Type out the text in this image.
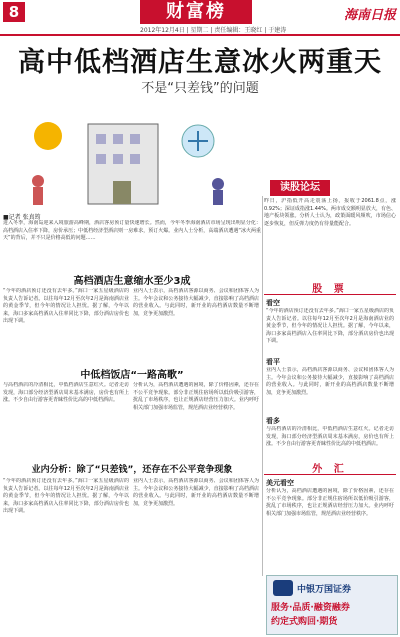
8	财富榜	海南日报
2012年12月4日 | 星期二 | 责任编辑：王晓红 | 于建涛
高中低档酒店生意冰火两重天
不是“只差钱”的问题
读股论坛
■记者 张真筠
进入冬季，海南岛迎来入境旅游高峰期，酒店客房预订量快速增长。然而，今年冬季海南酒店市场呈现出明显分化：高档酒店入住率下降，房价承压；中低档经济型酒店则一房难求，预订火爆。业内人士分析，高端酒店遭遇“冰火两重天”的背后，并不只是价格高低的问题……
昨日，沪指低开高走震荡上扬，报收于2061.8点，涨0.92%；深证成指涨1.44%。两市成交额明显放大，有色、地产板块领涨。分析人士认为，政策面暖风频吹，市场信心逐步恢复，但反弹力度仍有待量能配合。
股 票
看空
“今年的酒店预订还没有去年多。”海口一家五星级酒店的负责人告诉记者。以往每年12月至次年2月是海南酒店业的黄金季节，但今年的情况让人担忧。据了解，今年以来，海口多家高档酒店入住率同比下降，部分酒店房价也出现下调。
看平
业内人士表示，高档酒店客源以商务、会议和团体客人为主。今年会议和公务接待大幅减少，直接影响了高档酒店的营业收入。与此同时，新开业的高档酒店数量不断增加，竞争更加激烈。
看多
与高档酒店的冷清相比，中低档酒店生意红火。记者走访发现，海口部分经济型酒店周末基本满房，房价也有所上涨。不少自由行游客更青睐性价比高的中低档酒店。
外 汇
美元看空
分析认为，高档酒店遭遇的困境，除了价格因素，还存在不公平竞争现象。部分非正规住宿场所以低价吸引游客，扰乱了市场秩序，也让正规酒店经营压力加大。业内呼吁相关部门加强市场监管，规范酒店业经营秩序。
高档酒店生意缩水至少3成
“今年的酒店预订还没有去年多。”海口一家五星级酒店的负责人告诉记者。以往每年12月至次年2月是海南酒店业的黄金季节，但今年的情况让人担忧。据了解，今年以来，海口多家高档酒店入住率同比下降，部分酒店房价也出现下调。
业内人士表示，高档酒店客源以商务、会议和团体客人为主。今年会议和公务接待大幅减少，直接影响了高档酒店的营业收入。与此同时，新开业的高档酒店数量不断增加，竞争更加激烈。
中低档饭店“一路高歌”
与高档酒店的冷清相比，中低档酒店生意红火。记者走访发现，海口部分经济型酒店周末基本满房，房价也有所上涨。不少自由行游客更青睐性价比高的中低档酒店。
分析认为，高档酒店遭遇的困境，除了价格因素，还存在不公平竞争现象。部分非正规住宿场所以低价吸引游客，扰乱了市场秩序，也让正规酒店经营压力加大。业内呼吁相关部门加强市场监管，规范酒店业经营秩序。
业内分析：除了“只差钱”，还存在不公平竞争现象
“今年的酒店预订还没有去年多。”海口一家五星级酒店的负责人告诉记者。以往每年12月至次年2月是海南酒店业的黄金季节，但今年的情况让人担忧。据了解，今年以来，海口多家高档酒店入住率同比下降，部分酒店房价也出现下调。
业内人士表示，高档酒店客源以商务、会议和团体客人为主。今年会议和公务接待大幅减少，直接影响了高档酒店的营业收入。与此同时，新开业的高档酒店数量不断增加，竞争更加激烈。
中银万国证券
服务·品质·融资融券
约定式购回·期货
